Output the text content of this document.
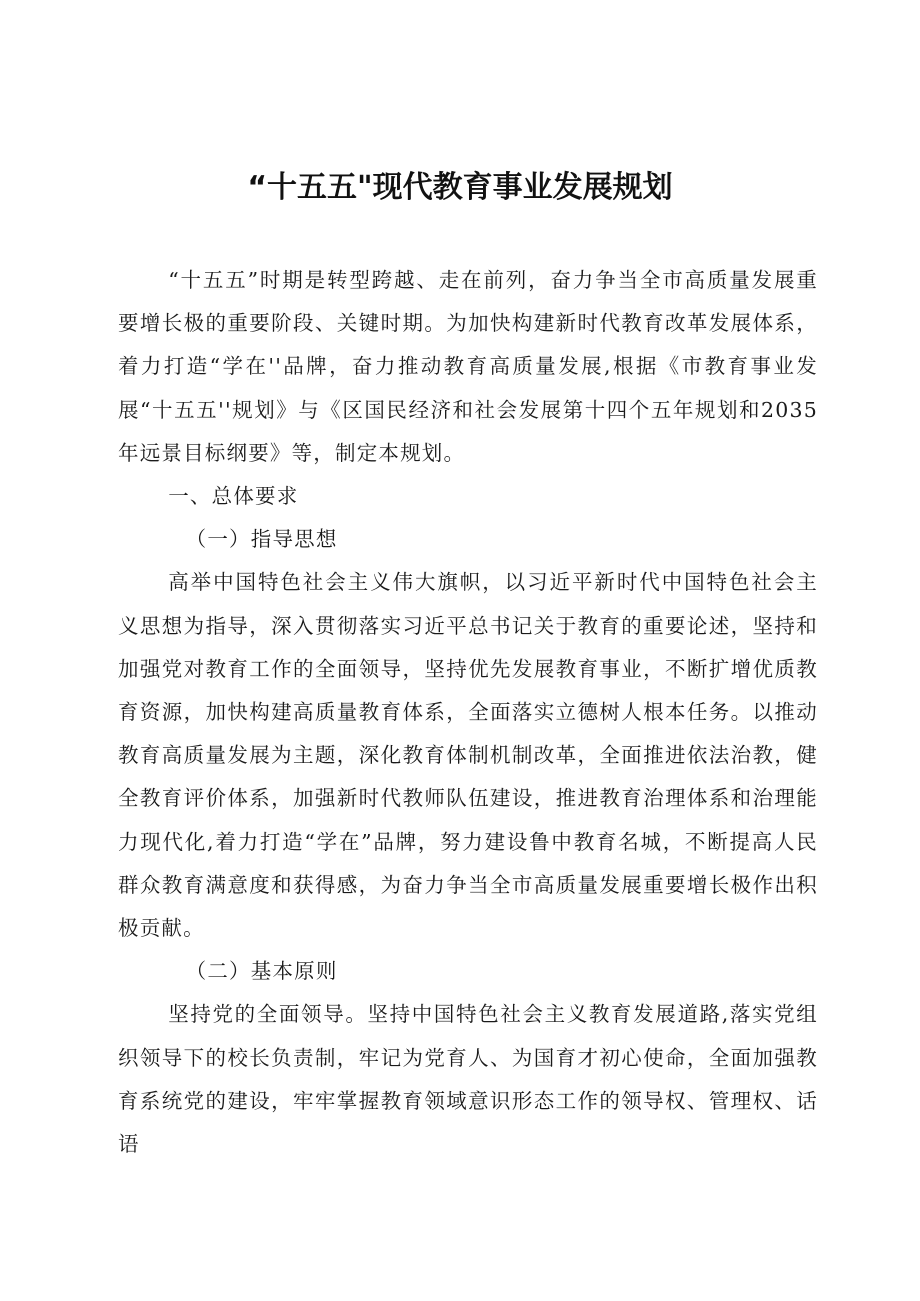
“十五五"现代教育事业发展规划

“十五五”时期是转型跨越、走在前列，奋力争当全市高质量发展重要增长极的重要阶段、关键时期。为加快构建新时代教育改革发展体系，着力打造“学在''品牌，奋力推动教育高质量发展,根据《市教育事业发展“十五五''规划》与《区国民经济和社会发展第十四个五年规划和2035年远景目标纲要》等，制定本规划。

一、总体要求

（一）指导思想

高举中国特色社会主义伟大旗帜，以习近平新时代中国特色社会主义思想为指导，深入贯彻落实习近平总书记关于教育的重要论述，坚持和加强党对教育工作的全面领导，坚持优先发展教育事业，不断扩增优质教育资源，加快构建高质量教育体系，全面落实立德树人根本任务。以推动教育高质量发展为主题，深化教育体制机制改革，全面推进依法治教，健全教育评价体系，加强新时代教师队伍建设，推进教育治理体系和治理能力现代化,着力打造“学在”品牌，努力建设鲁中教育名城，不断提高人民群众教育满意度和获得感，为奋力争当全市高质量发展重要增长极作出积极贡献。

（二）基本原则

坚持党的全面领导。坚持中国特色社会主义教育发展道路,落实党组织领导下的校长负责制，牢记为党育人、为国育才初心使命，全面加强教育系统党的建设，牢牢掌握教育领域意识形态工作的领导权、管理权、话语
